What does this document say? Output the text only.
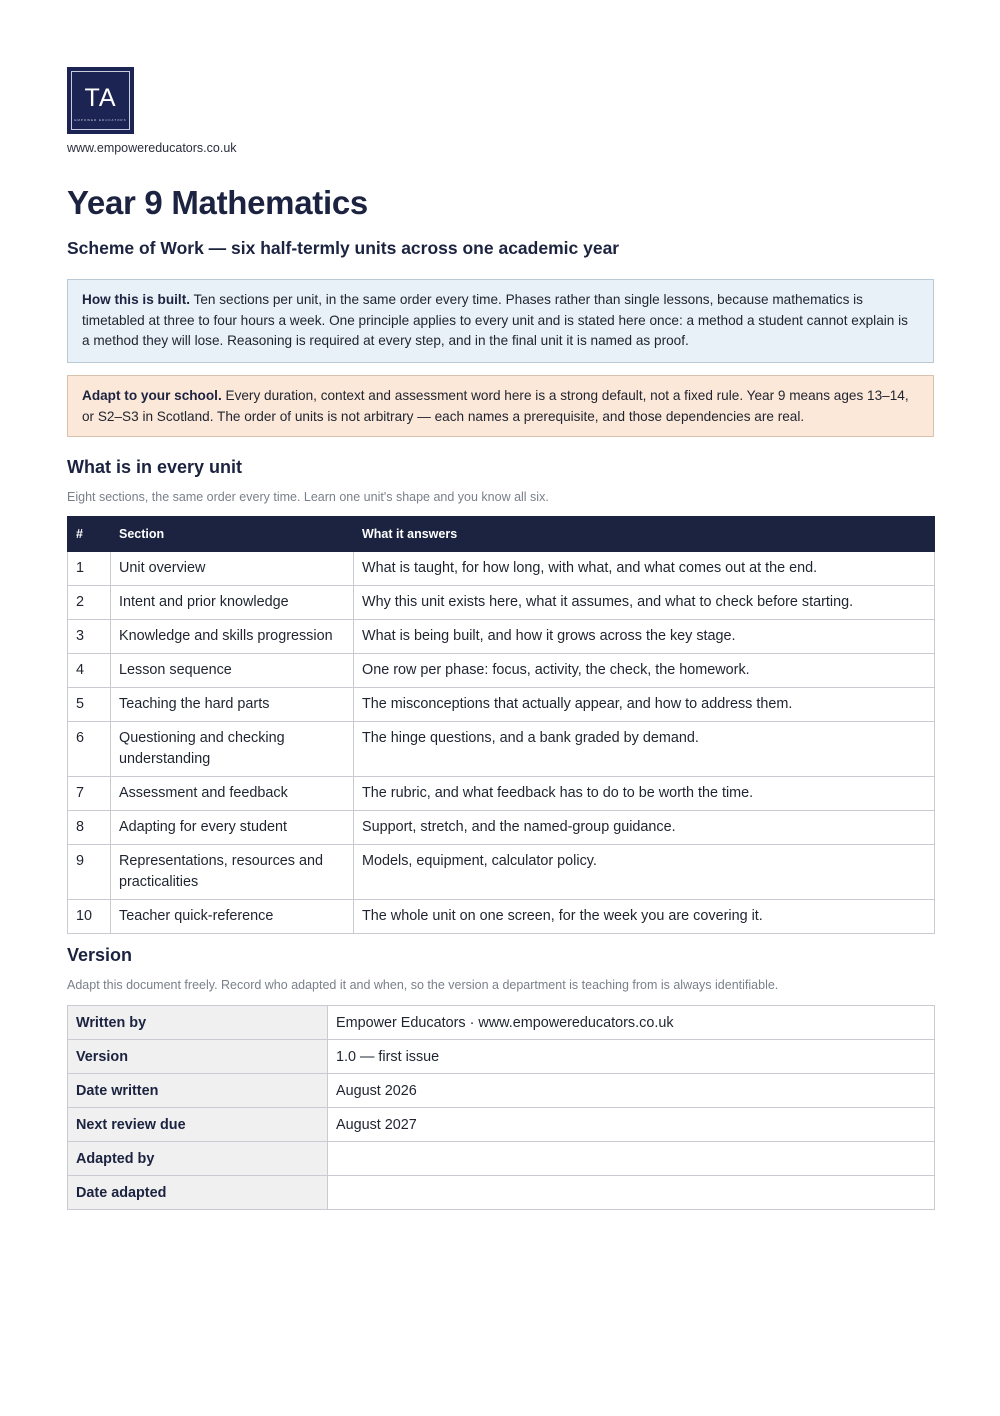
TA
EMPOWER EDUCATORS
www.empowereducators.co.uk
Year 9 Mathematics
Scheme of Work — six half-termly units across one academic year
How this is built. Ten sections per unit, in the same order every time. Phases rather than single lessons, because mathematics is timetabled at three to four hours a week. One principle applies to every unit and is stated here once: a method a student cannot explain is a method they will lose. Reasoning is required at every step, and in the final unit it is named as proof.
Adapt to your school. Every duration, context and assessment word here is a strong default, not a fixed rule. Year 9 means ages 13–14, or S2–S3 in Scotland. The order of units is not arbitrary — each names a prerequisite, and those dependencies are real.
What is in every unit
Eight sections, the same order every time. Learn one unit's shape and you know all six.
#	Section	What it answers
1	Unit overview	What is taught, for how long, with what, and what comes out at the end.
2	Intent and prior knowledge	Why this unit exists here, what it assumes, and what to check before starting.
3	Knowledge and skills progression	What is being built, and how it grows across the key stage.
4	Lesson sequence	One row per phase: focus, activity, the check, the homework.
5	Teaching the hard parts	The misconceptions that actually appear, and how to address them.
6	Questioning and checking understanding	The hinge questions, and a bank graded by demand.
7	Assessment and feedback	The rubric, and what feedback has to do to be worth the time.
8	Adapting for every student	Support, stretch, and the named-group guidance.
9	Representations, resources and practicalities	Models, equipment, calculator policy.
10	Teacher quick-reference	The whole unit on one screen, for the week you are covering it.
Version
Adapt this document freely. Record who adapted it and when, so the version a department is teaching from is always identifiable.
Written by	Empower Educators · www.empowereducators.co.uk
Version	1.0 — first issue
Date written	August 2026
Next review due	August 2027
Adapted by	
Date adapted	
